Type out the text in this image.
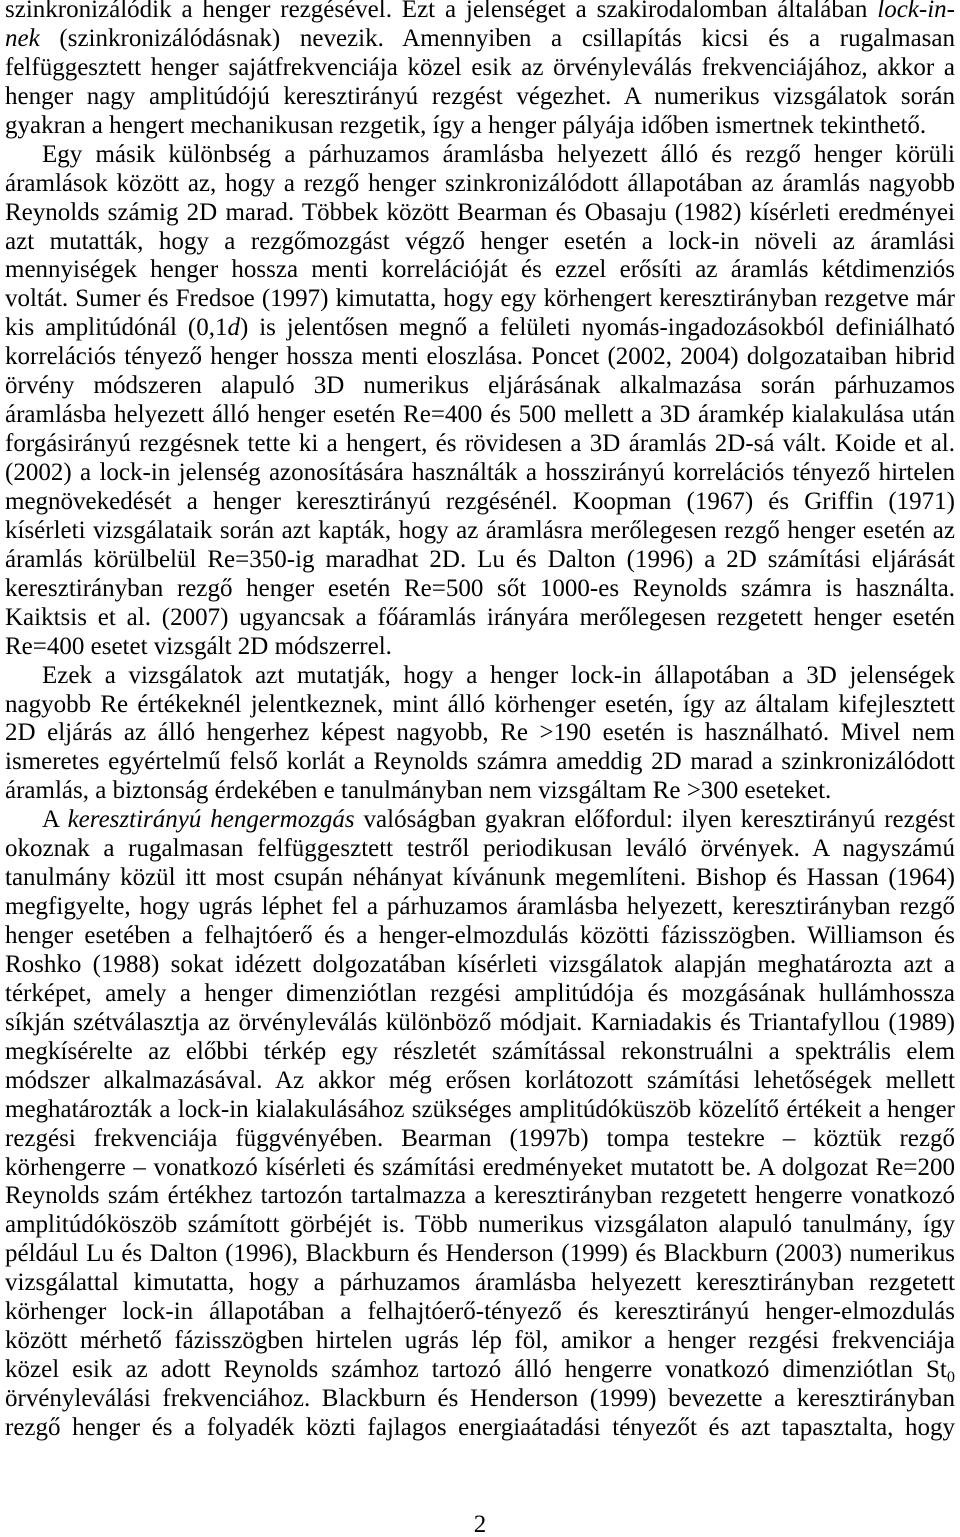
szinkronizálódik a henger rezgésével. Ezt a jelenséget a szakirodalomban általában lock-in-
nek (szinkronizálódásnak) nevezik. Amennyiben a csillapítás kicsi és a rugalmasan
felfüggesztett henger sajátfrekvenciája közel esik az örvényleválás frekvenciájához, akkor a
henger nagy amplitúdójú keresztirányú rezgést végezhet. A numerikus vizsgálatok során
gyakran a hengert mechanikusan rezgetik, így a henger pályája időben ismertnek tekinthető.
Egy másik különbség a párhuzamos áramlásba helyezett álló és rezgő henger körüli
áramlások között az, hogy a rezgő henger szinkronizálódott állapotában az áramlás nagyobb
Reynolds számig 2D marad. Többek között Bearman és Obasaju (1982) kísérleti eredményei
azt mutatták, hogy a rezgőmozgást végző henger esetén a lock-in növeli az áramlási
mennyiségek henger hossza menti korrelációját és ezzel erősíti az áramlás kétdimenziós
voltát. Sumer és Fredsoe (1997) kimutatta, hogy egy körhengert keresztirányban rezgetve már
kis amplitúdónál (0,1d) is jelentősen megnő a felületi nyomás-ingadozásokból definiálható
korrelációs tényező henger hossza menti eloszlása. Poncet (2002, 2004) dolgozataiban hibrid
örvény módszeren alapuló 3D numerikus eljárásának alkalmazása során párhuzamos
áramlásba helyezett álló henger esetén Re=400 és 500 mellett a 3D áramkép kialakulása után
forgásirányú rezgésnek tette ki a hengert, és rövidesen a 3D áramlás 2D-sá vált. Koide et al.
(2002) a lock-in jelenség azonosítására használták a hosszirányú korrelációs tényező hirtelen
megnövekedését a henger keresztirányú rezgésénél. Koopman (1967) és Griffin (1971)
kísérleti vizsgálataik során azt kapták, hogy az áramlásra merőlegesen rezgő henger esetén az
áramlás körülbelül Re=350-ig maradhat 2D. Lu és Dalton (1996) a 2D számítási eljárását
keresztirányban rezgő henger esetén Re=500 sőt 1000-es Reynolds számra is használta.
Kaiktsis et al. (2007) ugyancsak a főáramlás irányára merőlegesen rezgetett henger esetén
Re=400 esetet vizsgált 2D módszerrel.
Ezek a vizsgálatok azt mutatják, hogy a henger lock-in állapotában a 3D jelenségek
nagyobb Re értékeknél jelentkeznek, mint álló körhenger esetén, így az általam kifejlesztett
2D eljárás az álló hengerhez képest nagyobb, Re >190 esetén is használható. Mivel nem
ismeretes egyértelmű felső korlát a Reynolds számra ameddig 2D marad a szinkronizálódott
áramlás, a biztonság érdekében e tanulmányban nem vizsgáltam Re >300 eseteket.
A keresztirányú hengermozgás valóságban gyakran előfordul: ilyen keresztirányú rezgést
okoznak a rugalmasan felfüggesztett testről periodikusan leváló örvények. A nagyszámú
tanulmány közül itt most csupán néhányat kívánunk megemlíteni. Bishop és Hassan (1964)
megfigyelte, hogy ugrás léphet fel a párhuzamos áramlásba helyezett, keresztirányban rezgő
henger esetében a felhajtóerő és a henger-elmozdulás közötti fázisszögben. Williamson és
Roshko (1988) sokat idézett dolgozatában kísérleti vizsgálatok alapján meghatározta azt a
térképet, amely a henger dimenziótlan rezgési amplitúdója és mozgásának hullámhossza
síkján szétválasztja az örvényleválás különböző módjait. Karniadakis és Triantafyllou (1989)
megkísérelte az előbbi térkép egy részletét számítással rekonstruálni a spektrális elem
módszer alkalmazásával. Az akkor még erősen korlátozott számítási lehetőségek mellett
meghatározták a lock-in kialakulásához szükséges amplitúdóküszöb közelítő értékeit a henger
rezgési frekvenciája függvényében. Bearman (1997b) tompa testekre – köztük rezgő
körhengerre – vonatkozó kísérleti és számítási eredményeket mutatott be. A dolgozat Re=200
Reynolds szám értékhez tartozón tartalmazza a keresztirányban rezgetett hengerre vonatkozó
amplitúdóköszöb számított görbéjét is. Több numerikus vizsgálaton alapuló tanulmány, így
például Lu és Dalton (1996), Blackburn és Henderson (1999) és Blackburn (2003) numerikus
vizsgálattal kimutatta, hogy a párhuzamos áramlásba helyezett keresztirányban rezgetett
körhenger lock-in állapotában a felhajtóerő-tényező és keresztirányú henger-elmozdulás
között mérhető fázisszögben hirtelen ugrás lép föl, amikor a henger rezgési frekvenciája
közel esik az adott Reynolds számhoz tartozó álló hengerre vonatkozó dimenziótlan $St_0$
örvényleválási frekvenciához. Blackburn és Henderson (1999) bevezette a keresztirányban
rezgő henger és a folyadék közti fajlagos energiaátadási tényezőt és azt tapasztalta, hogy
2
